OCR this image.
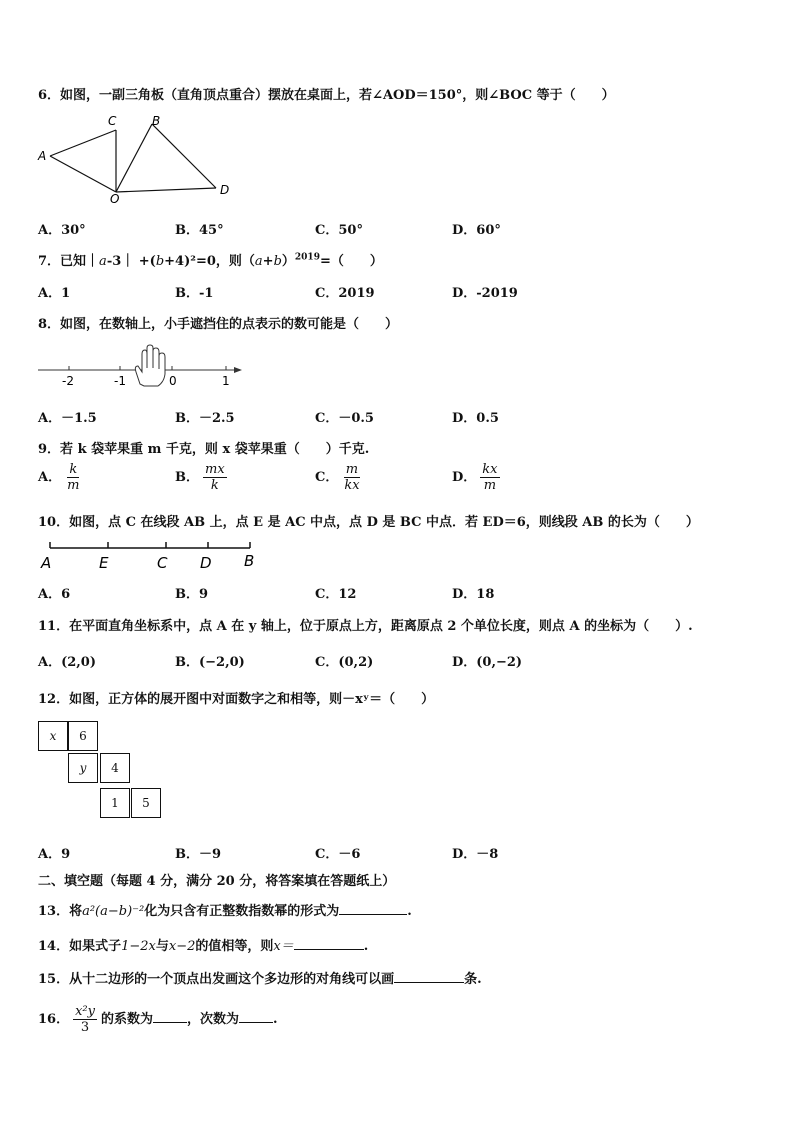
6．如图，一副三角板（直角顶点重合）摆放在桌面上，若∠AOD＝150°，则∠BOC 等于（　　）
A
C	B
D
O
A．30°	B．45°	C．50°	D．60°
7．已知｜a-3｜ +(b+4)²=0，则$(a+b)^{2019}=$（　　）
A．1	B．-1	C．2019	D．-2019
8．如图，在数轴上，小手遮挡住的点表示的数可能是（　　）
-2	-1	0	1
A．－1.5	B．－2.5	C．－0.5	D．0.5
9．若 k 袋苹果重 m 千克，则 x 袋苹果重（　　）千克.
A． $\frac{k}{m}$	B． $\frac{mx}{k}$	C． $\frac{m}{kx}$	D． $\frac{kx}{m}$
10．如图，点 C 在线段 AB 上，点 E 是 AC 中点，点 D 是 BC 中点．若 ED＝6，则线段 AB 的长为（　　）
A	E	C D B
A．6	B．9	C．12	D．18
11．在平面直角坐标系中，点 A 在 y 轴上，位于原点上方，距离原点 2 个单位长度，则点 A 的坐标为（　　）.
A．(2,0)	B．(−2,0)	C．(0,2)	D．(0,−2)
12．如图，正方体的展开图中对面数字之和相等，则－xʸ＝（　　）
x	6
y	4
1	5
A．9	B．－9	C．－6	D．－8
二、填空题（每题 4 分，满分 20 分，将答案填在答题纸上）
13．将a²(a−b)⁻²化为只含有正整数指数幂的形式为	.
14．如果式子1−2x与x−2的值相等，则x＝	.
15．从十二边形的一个顶点出发画这个多边形的对角线可以画	条.
16． $\frac{\text{x²y}}{3}$ 的系数为	，次数为	.
